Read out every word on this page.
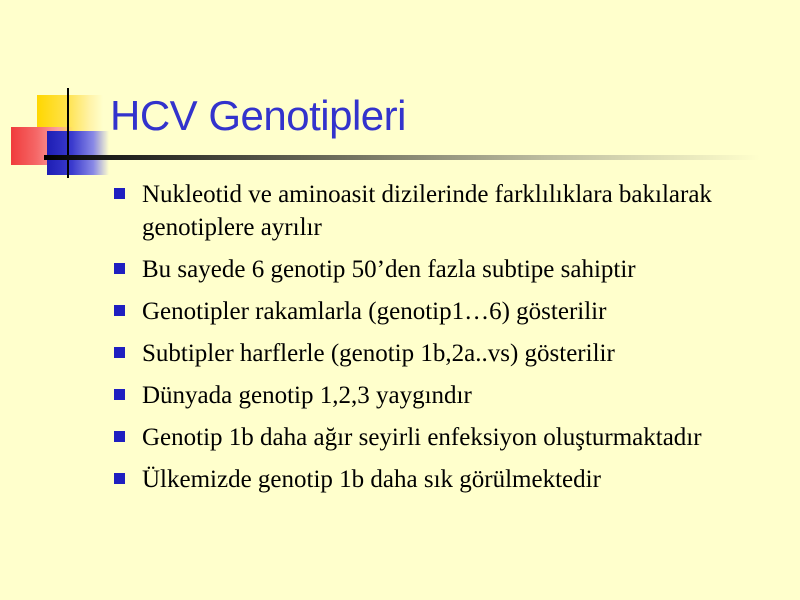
HCV Genotipleri
Nukleotid ve aminoasit dizilerinde farklılıklara bakılarak genotiplere ayrılır
Bu sayede 6 genotip 50’den fazla subtipe sahiptir
Genotipler rakamlarla (genotip1…6) gösterilir
Subtipler harflerle (genotip 1b,2a..vs) gösterilir
Dünyada genotip 1,2,3 yaygındır
Genotip 1b daha ağır seyirli enfeksiyon oluşturmaktadır
Ülkemizde genotip 1b daha sık görülmektedir
